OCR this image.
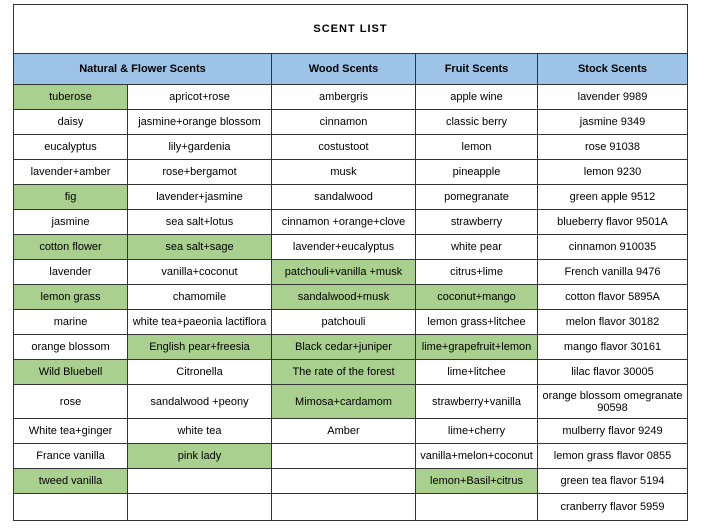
SCENT LIST				
Natural & Flower Scents		Wood Scents	Fruit Scents	Stock Scents
tuberose	apricot+rose	ambergris	apple wine	lavender 9989
daisy	jasmine+orange blossom	cinnamon	classic berry	jasmine 9349
eucalyptus	lily+gardenia	costustoot	lemon	rose 91038
lavender+amber	rose+bergamot	musk	pineapple	lemon 9230
fig	lavender+jasmine	sandalwood	pomegranate	green apple 9512
jasmine	sea salt+lotus	cinnamon +orange+clove	strawberry	blueberry flavor 9501A
cotton flower	sea salt+sage	lavender+eucalyptus	white pear	cinnamon 910035
lavender	vanilla+coconut	patchouli+vanilla +musk	citrus+lime	French vanilla 9476
lemon grass	chamomile	sandalwood+musk	coconut+mango	cotton flavor 5895A
marine	white tea+paeonia lactiflora	patchouli	lemon grass+litchee	melon flavor 30182
orange blossom	English pear+freesia	Black cedar+juniper	lime+grapefruit+lemon	mango flavor 30161
Wild Bluebell	Citronella	The rate of the forest	lime+litchee	lilac flavor 30005
rose	sandalwood +peony	Mimosa+cardamom	strawberry+vanilla	orange blossom omegranate 90598
White tea+ginger	white tea	Amber	lime+cherry	mulberry flavor 9249
France vanilla	pink lady		vanilla+melon+coconut	lemon grass flavor 0855
tweed vanilla			lemon+Basil+citrus	green tea flavor 5194
				cranberry flavor 5959
